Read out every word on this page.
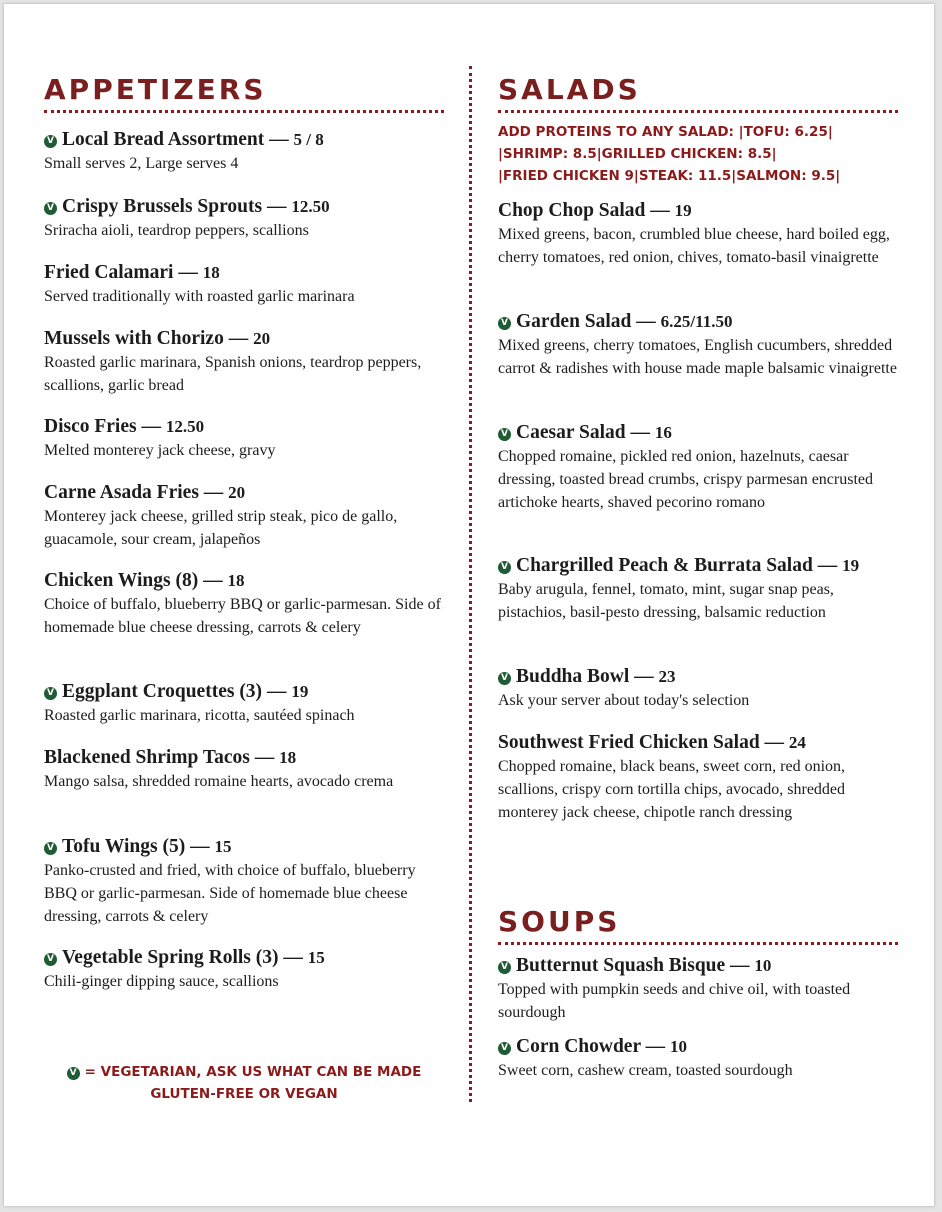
APPETIZERS
V Local Bread Assortment — 5 / 8
Small serves 2, Large serves 4
V Crispy Brussels Sprouts — 12.50
Sriracha aioli, teardrop peppers, scallions
Fried Calamari — 18
Served traditionally with roasted garlic marinara
Mussels with Chorizo — 20
Roasted garlic marinara, Spanish onions, teardrop peppers, scallions, garlic bread
Disco Fries — 12.50
Melted monterey jack cheese, gravy
Carne Asada Fries — 20
Monterey jack cheese, grilled strip steak, pico de gallo, guacamole, sour cream, jalapeños
Chicken Wings (8) — 18
Choice of buffalo, blueberry BBQ or garlic-parmesan. Side of homemade blue cheese dressing, carrots & celery
V Eggplant Croquettes (3) — 19
Roasted garlic marinara, ricotta, sautéed spinach
Blackened Shrimp Tacos — 18
Mango salsa, shredded romaine hearts, avocado crema
V Tofu Wings (5) — 15
Panko-crusted and fried, with choice of buffalo, blueberry BBQ or garlic-parmesan. Side of homemade blue cheese dressing, carrots & celery
V Vegetable Spring Rolls (3) — 15
Chili-ginger dipping sauce, scallions
V = VEGETARIAN, ASK US WHAT CAN BE MADE
GLUTEN-FREE OR VEGAN
SALADS
ADD PROTEINS TO ANY SALAD: |TOFU: 6.25|
|SHRIMP: 8.5|GRILLED CHICKEN: 8.5|
|FRIED CHICKEN 9|STEAK: 11.5|SALMON: 9.5|
Chop Chop Salad — 19
Mixed greens, bacon, crumbled blue cheese, hard boiled egg, cherry tomatoes, red onion, chives, tomato-basil vinaigrette
V Garden Salad — 6.25/11.50
Mixed greens, cherry tomatoes, English cucumbers, shredded carrot & radishes with house made maple balsamic vinaigrette
V Caesar Salad — 16
Chopped romaine, pickled red onion, hazelnuts, caesar dressing, toasted bread crumbs, crispy parmesan encrusted artichoke hearts, shaved pecorino romano
V Chargrilled Peach & Burrata Salad — 19
Baby arugula, fennel, tomato, mint, sugar snap peas, pistachios, basil-pesto dressing, balsamic reduction
V Buddha Bowl — 23
Ask your server about today's selection
Southwest Fried Chicken Salad — 24
Chopped romaine, black beans, sweet corn, red onion, scallions, crispy corn tortilla chips, avocado, shredded monterey jack cheese, chipotle ranch dressing
SOUPS
V Butternut Squash Bisque — 10
Topped with pumpkin seeds and chive oil, with toasted sourdough
V Corn Chowder — 10
Sweet corn, cashew cream, toasted sourdough
